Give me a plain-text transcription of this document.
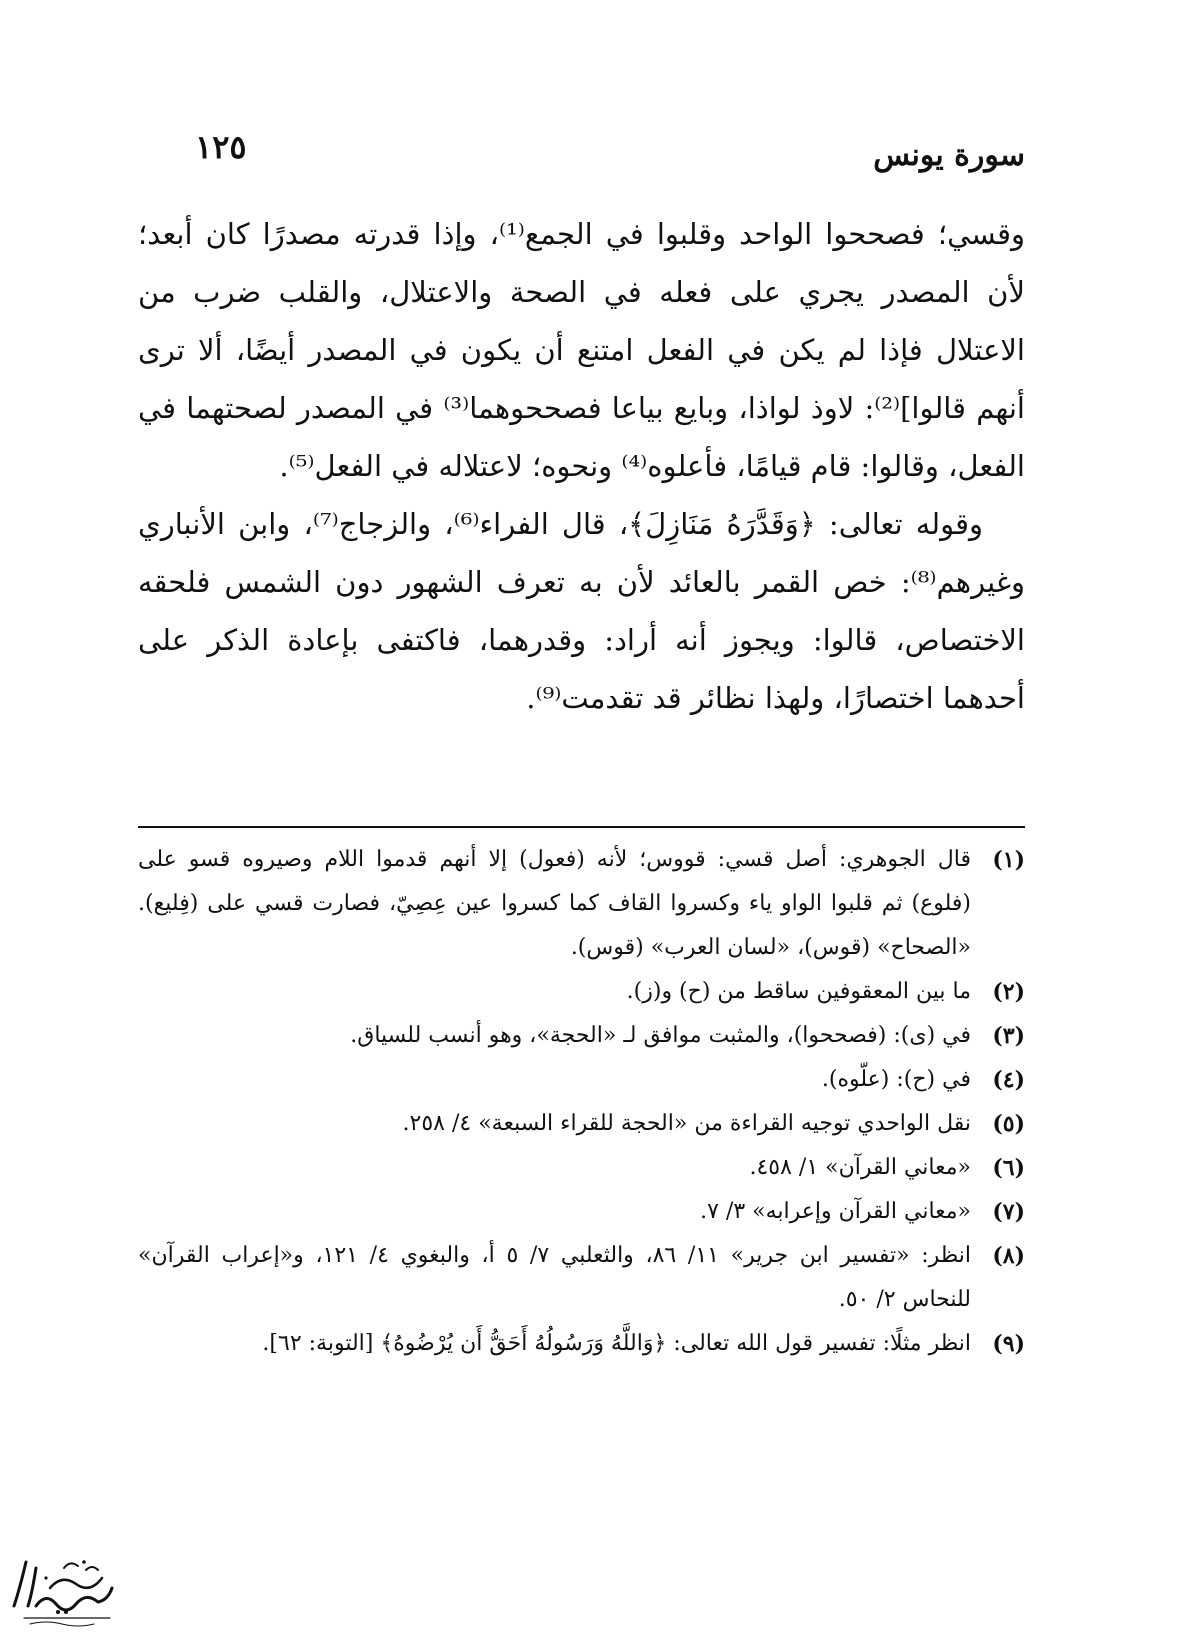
سورة يونس
١٢٥

وقسي؛ فصححوا الواحد وقلبوا في الجمع⁽¹⁾، وإذا قدرته مصدرًا كان أبعد؛ لأن المصدر يجري على فعله في الصحة والاعتلال، والقلب ضرب من الاعتلال فإذا لم يكن في الفعل امتنع أن يكون في المصدر أيضًا، ألا ترى أنهم قالوا]⁽²⁾: لاوذ لواذا، وبايع بياعا فصححوهما⁽³⁾ في المصدر لصحتهما في الفعل، وقالوا: قام قيامًا، فأعلوه⁽⁴⁾ ونحوه؛ لاعتلاله في الفعل⁽⁵⁾.

وقوله تعالى: ﴿وَقَدَّرَهُ مَنَازِلَ﴾، قال الفراء⁽⁶⁾، والزجاج⁽⁷⁾، وابن الأنباري وغيرهم⁽⁸⁾: خص القمر بالعائد لأن به تعرف الشهور دون الشمس فلحقه الاختصاص، قالوا: ويجوز أنه أراد: وقدرهما، فاكتفى بإعادة الذكر على أحدهما اختصارًا، ولهذا نظائر قد تقدمت⁽⁹⁾.

(١)
قال الجوهري: أصل قسي: قووس؛ لأنه (فعول) إلا أنهم قدموا اللام وصيروه قسو على (فلوع) ثم قلبوا الواو ياء وكسروا القاف كما كسروا عين عِصِيّ، فصارت قسي على (فِليع). «الصحاح» (قوس)، «لسان العرب» (قوس).
(٢)
ما بين المعقوفين ساقط من (ح) و(ز).
(٣)
في (ى): (فصححوا)، والمثبت موافق لـ «الحجة»، وهو أنسب للسياق.
(٤)
في (ح): (علّوه).
(٥)
نقل الواحدي توجيه القراءة من «الحجة للقراء السبعة» ٤/ ٢٥٨.
(٦)
«معاني القرآن» ١/ ٤٥٨.
(٧)
«معاني القرآن وإعرابه» ٣/ ٧.
(٨)
انظر: «تفسير ابن جرير» ١١/ ٨٦، والثعلبي ٧/ ٥ أ، والبغوي ٤/ ١٢١، و«إعراب القرآن» للنحاس ٢/ ٥٠.
(٩)
انظر مثلًا: تفسير قول الله تعالى: ﴿وَاللَّهُ وَرَسُولُهُ أَحَقُّ أَن يُرْضُوهُ﴾ [التوبة: ٦٢].
